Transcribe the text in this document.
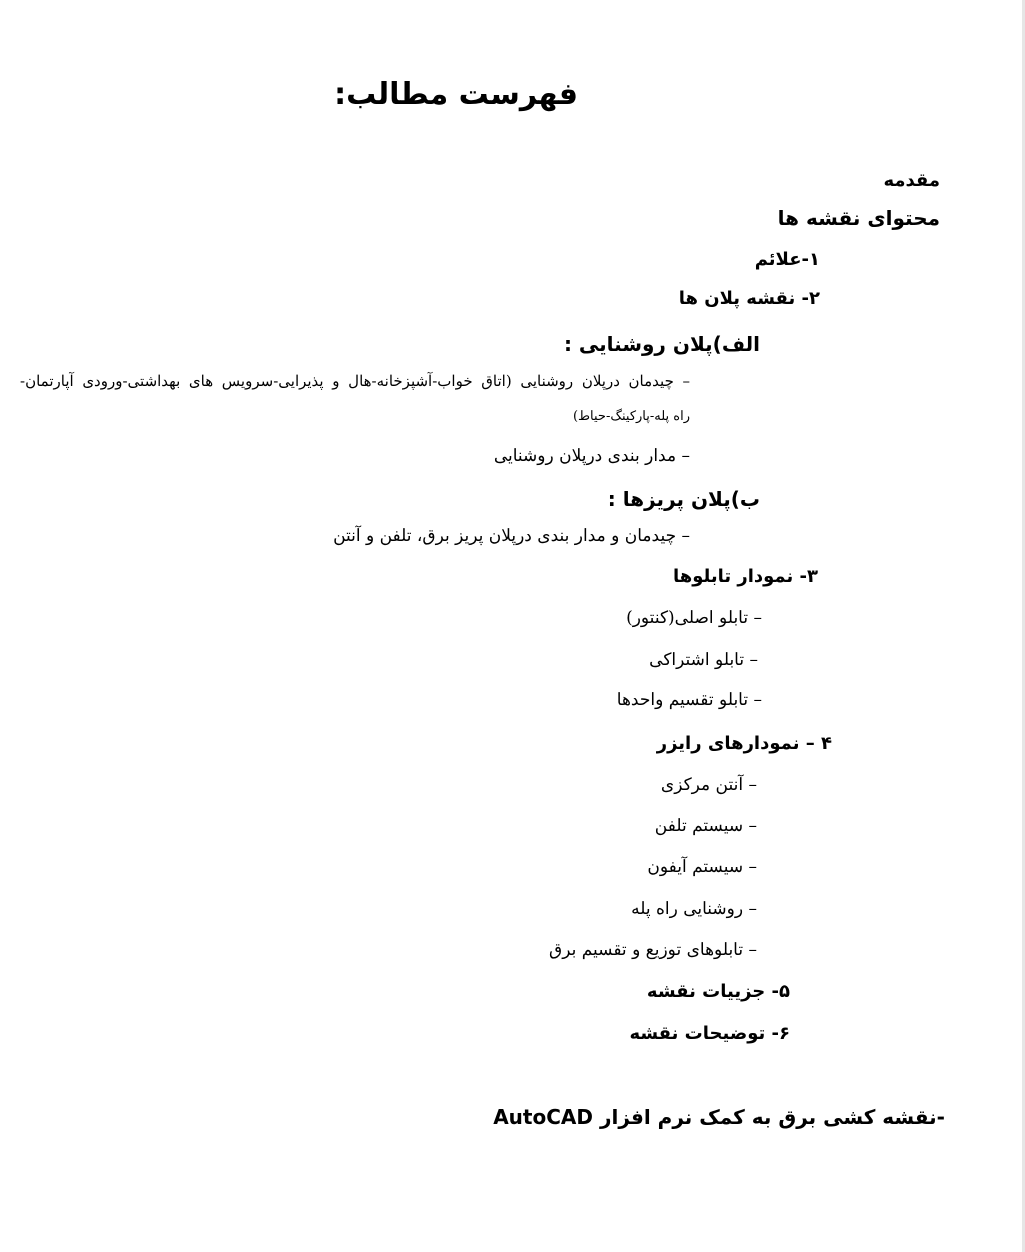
فهرست مطالب:
مقدمه
محتوای نقشه ها
۱-علائم
۲- نقشه پلان ها
الف)پلان روشنایی :
– چیدمان درپلان روشنایی (اتاق خواب-آشپزخانه-هال و پذیرایی-سرویس های بهداشتی-ورودی آپارتمان-
راه پله-پارکینگ-حیاط)
– مدار بندی درپلان روشنایی
ب)پلان پریزها :
– چیدمان و مدار بندی درپلان پریز برق، تلفن و آنتن
۳- نمودار تابلوها
– تابلو اصلی(کنتور)
– تابلو اشتراکی
– تابلو تقسیم واحدها
۴ – نمودارهای رایزر
– آنتن مرکزی
– سیستم تلفن
– سیستم آیفون
– روشنایی راه پله
– تابلوهای توزیع و تقسیم برق
۵- جزییات نقشه
۶- توضیحات نقشه
-نقشه کشی برق به کمک نرم افزار AutoCAD
